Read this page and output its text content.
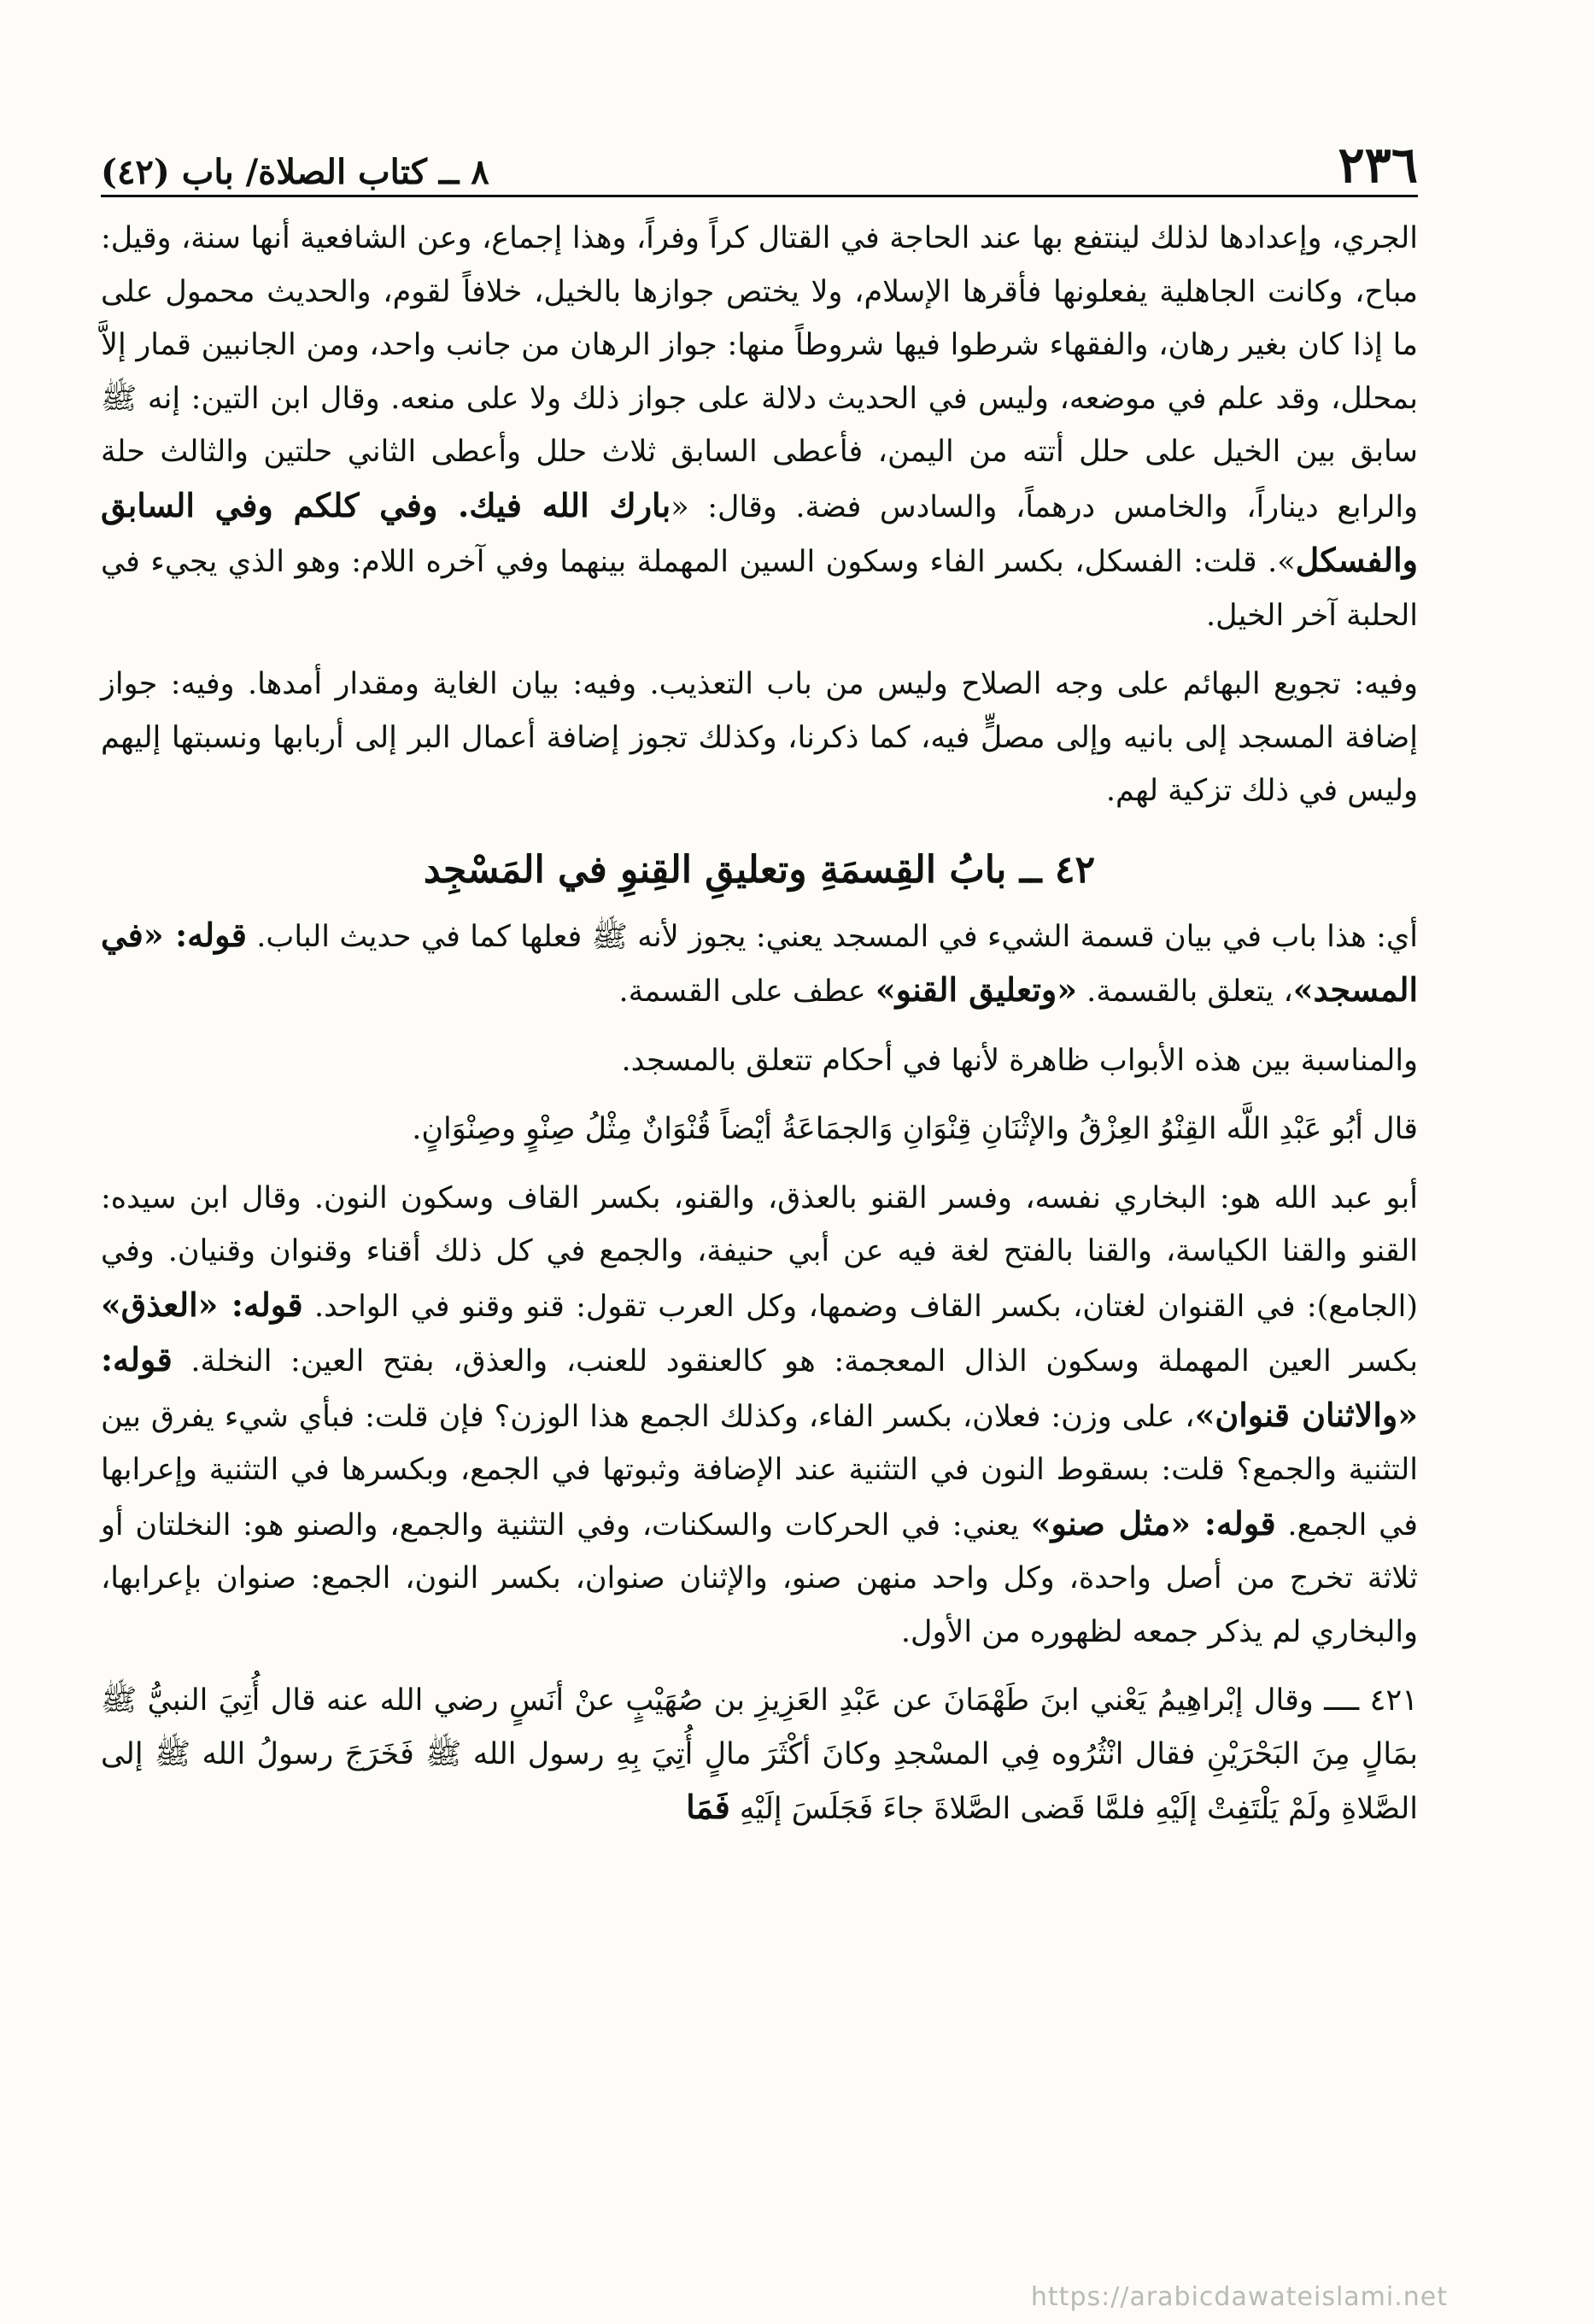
٢٣٦
٨ ــ كتاب الصلاة/ باب (٤٢)

الجري، وإعدادها لذلك لينتفع بها عند الحاجة في القتال كراً وفراً، وهذا إجماع، وعن الشافعية أنها سنة، وقيل: مباح، وكانت الجاهلية يفعلونها فأقرها الإسلام، ولا يختص جوازها بالخيل، خلافاً لقوم، والحديث محمول على ما إذا كان بغير رهان، والفقهاء شرطوا فيها شروطاً منها: جواز الرهان من جانب واحد، ومن الجانبين قمار إلاَّ بمحلل، وقد علم في موضعه، وليس في الحديث دلالة على جواز ذلك ولا على منعه. وقال ابن التين: إنه ﷺ سابق بين الخيل على حلل أتته من اليمن، فأعطى السابق ثلاث حلل وأعطى الثاني حلتين والثالث حلة والرابع ديناراً، والخامس درهماً، والسادس فضة. وقال: «بارك الله فيك. وفي كلكم وفي السابق والفسكل». قلت: الفسكل، بكسر الفاء وسكون السين المهملة بينهما وفي آخره اللام: وهو الذي يجيء في الحلبة آخر الخيل.

وفيه: تجويع البهائم على وجه الصلاح وليس من باب التعذيب. وفيه: بيان الغاية ومقدار أمدها. وفيه: جواز إضافة المسجد إلى بانيه وإلى مصلٍّ فيه، كما ذكرنا، وكذلك تجوز إضافة أعمال البر إلى أربابها ونسبتها إليهم وليس في ذلك تزكية لهم.

٤٢ ــ بابُ القِسمَةِ وتعليقِ القِنوِ في المَسْجِد

أي: هذا باب في بيان قسمة الشيء في المسجد يعني: يجوز لأنه ﷺ فعلها كما في حديث الباب. قوله: «في المسجد»، يتعلق بالقسمة. «وتعليق القنو» عطف على القسمة.

والمناسبة بين هذه الأبواب ظاهرة لأنها في أحكام تتعلق بالمسجد.

قال أبُو عَبْدِ اللَّه القِنْوُ العِزْقُ والإثْنَانِ قِنْوَانِ وَالجمَاعَةُ أيْضاً قُنْوَانٌ مِثْلُ صِنْوٍ وصِنْوَانٍ.

أبو عبد الله هو: البخاري نفسه، وفسر القنو بالعذق، والقنو، بكسر القاف وسكون النون. وقال ابن سيده: القنو والقنا الكياسة، والقنا بالفتح لغة فيه عن أبي حنيفة، والجمع في كل ذلك أقناء وقنوان وقنيان. وفي (الجامع): في القنوان لغتان، بكسر القاف وضمها، وكل العرب تقول: قنو وقنو في الواحد. قوله: «العذق» بكسر العين المهملة وسكون الذال المعجمة: هو كالعنقود للعنب، والعذق، بفتح العين: النخلة. قوله: «والاثنان قنوان»، على وزن: فعلان، بكسر الفاء، وكذلك الجمع هذا الوزن؟ فإن قلت: فبأي شيء يفرق بين التثنية والجمع؟ قلت: بسقوط النون في التثنية عند الإضافة وثبوتها في الجمع، وبكسرها في التثنية وإعرابها في الجمع. قوله: «مثل صنو» يعني: في الحركات والسكنات، وفي التثنية والجمع، والصنو هو: النخلتان أو ثلاثة تخرج من أصل واحدة، وكل واحد منهن صنو، والإثنان صنوان، بكسر النون، الجمع: صنوان بإعرابها، والبخاري لم يذكر جمعه لظهوره من الأول.

٤٢١ ــــ وقال إبْراهِيمُ يَعْني ابنَ طَهْمَانَ عن عَبْدِ العَزِيزِ بن صُهَيْبٍ عنْ أنَسٍ رضي الله عنه قال أُتِيَ النبيُّ ﷺ بمَالٍ مِنَ البَحْرَيْنِ فقال انْثُرُوه فِي المسْجدِ وكانَ أكْثَرَ مالٍ أُتِيَ بِهِ رسول الله ﷺ فَخَرَجَ رسولُ الله ﷺ إلى الصَّلاةِ ولَمْ يَلْتَفِتْ إلَيْهِ فلمَّا قَضى الصَّلاةَ جاءَ فَجَلَسَ إلَيْهِ فَمَا

https://arabicdawateislami.net
